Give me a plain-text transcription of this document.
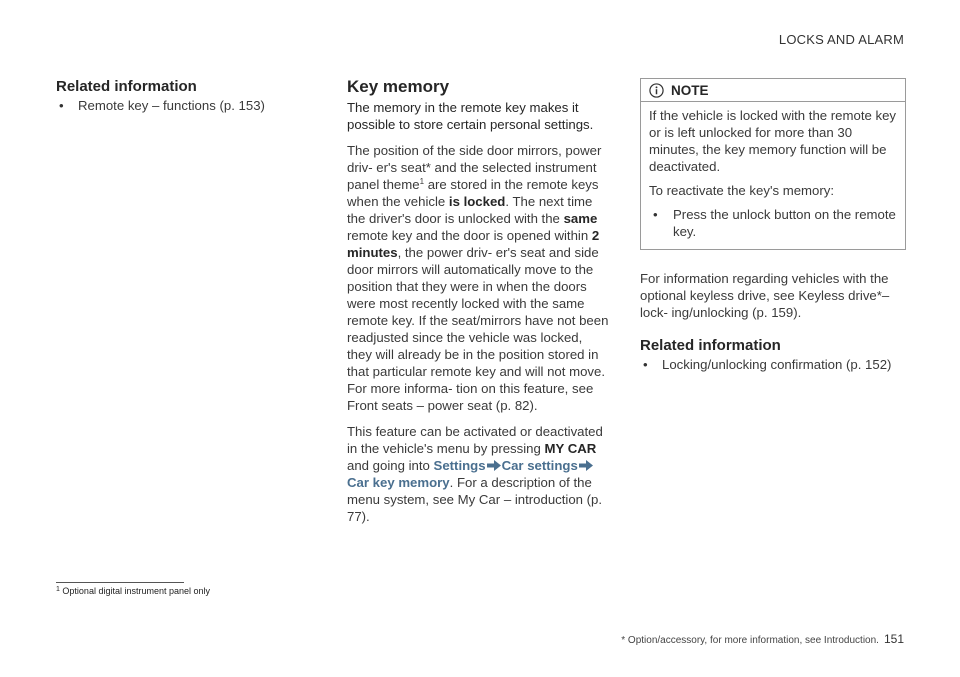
LOCKS AND ALARM
Related information
• Remote key – functions (p. 153)
Key memory

The memory in the remote key makes it possible to store certain personal settings.

The position of the side door mirrors, power driv- er's seat* and the selected instrument panel theme$^1$ are stored in the remote keys when the vehicle is locked. The next time the driver's door is unlocked with the same remote key and the door is opened within 2 minutes, the power driv- er's seat and side door mirrors will automatically move to the position that they were in when the doors were most recently locked with the same remote key. If the seat/mirrors have not been readjusted since the vehicle was locked, they will already be in the position stored in that particular remote key and will not move. For more informa- tion on this feature, see Front seats – power seat (p. 82).

This feature can be activated or deactivated in the vehicle's menu by pressing MY CAR and going into Settings Car settingsCar key memory. For a description of the menu system, see My Car – introduction (p. 77).

NOTE

If the vehicle is locked with the remote key or is left unlocked for more than 30 minutes, the key memory function will be deactivated.

To reactivate the key's memory:

• Press the unlock button on the remote key.

For information regarding vehicles with the optional keyless drive, see Keyless drive*– lock- ing/unlocking (p. 159).

Related information
• Locking/unlocking confirmation (p. 152)
$^1$ Optional digital instrument panel only
* Option/accessory, for more information, see Introduction. 151
